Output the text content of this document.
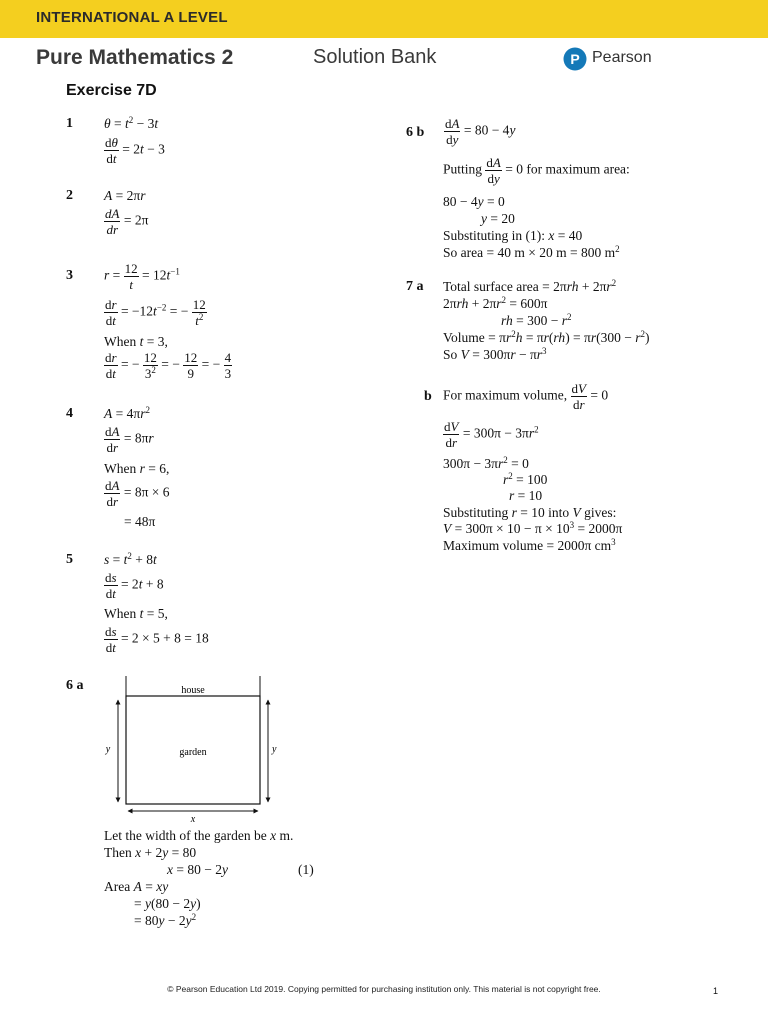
INTERNATIONAL A LEVEL
Pure Mathematics 2	Solution Bank	P Pearson
Exercise 7D
1 $\theta = t^2 - 3t$
$\frac{d\theta}{dt} = 2t - 3$
2 A = 2πr
$\frac{dA}{dr} = 2\pi$
3 $r = \frac{12}{t} = 12t^{-1}$
$\frac{dr}{dt} = -12t^{-2}$ = − $\frac{12}{t^2}$
When t = 3,
$\frac{dr}{dt}$ = − $\frac{12}{3^2}$ = − $\frac{12}{9}$ = − $\frac{4}{3}$
4 $A = 4\pi r^2$
$\frac{dA}{dr} = 8\pi r$
When r = 6,
$\frac{dA}{dr} = 8\pi \times 6$
= 48π
5 $s = t^2 + 8t$
$\frac{ds}{dt} = 2t + 8$
When t = 5,
$\frac{ds}{dt} = 2 \times 5 + 8 = 18$
6 a	house
garden
y	y
x
Let the width of the garden be x m.
Then x + 2y = 80
x = 80 − 2y	(1)
Area A = xy
= y(80 − 2y)
= $80y - 2y^2$
6 b $\frac{dA}{dy} = 80 - 4y$
Putting $\frac{dA}{dy} = 0$ for maximum area:
80 − 4y = 0
y = 20
Substituting in (1): x = 40
So area = 40 m × 20 m = 800 $m^2$
7 a Total surface area = $2\pi rh + 2\pi r^2$
$2\pi rh + 2\pi r^2 = 600\pi$
rh = $300 - r^2$
Volume = $\pi r^2h = \pi r(rh) = \pi r(300 - r^2)$
So $V = 300\pi r - \pi r^3$
b For maximum volume, $\frac{dV}{dr} = 0$
$\frac{dV}{dr} = 300\pi - 3\pi r^2$
$300\pi - 3\pi r^2 = 0$
$r^2 = 100$
r = 10
Substituting r = 10 into V gives:
$V = 300\pi \times 10 - \pi \times 10^3 = 2000\pi$
Maximum volume = 2000π $cm^3$
© Pearson Education Ltd 2019. Copying permitted for purchasing institution only. This material is not copyright free.	1
